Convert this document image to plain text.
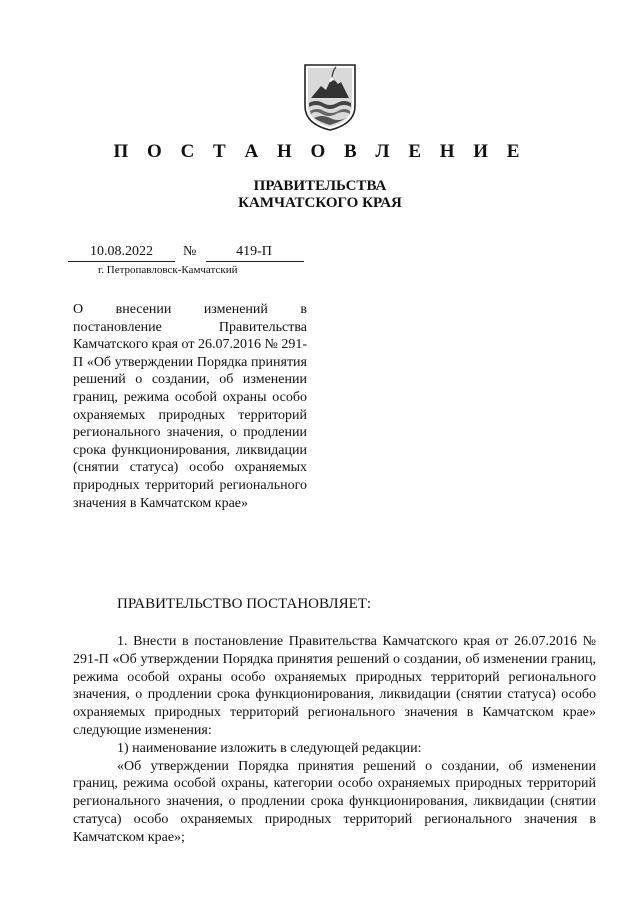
П О С Т А Н О В Л Е Н И Е
ПРАВИТЕЛЬСТВА
КАМЧАТСКОГО КРАЯ
10.08.2022	№	419-П
г. Петропавловск-Камчатский
О внесении изменений в постановление Правительства Камчатского края от 26.07.2016 № 291-П «Об утверждении Порядка принятия решений о создании, об изменении границ, режима особой охраны особо охраняемых природных территорий регионального значения, о продлении срока функционирования, ликвидации (снятии статуса) особо охраняемых природных территорий регионального значения в Камчатском крае»
ПРАВИТЕЛЬСТВО ПОСТАНОВЛЯЕТ:

1. Внести в постановление Правительства Камчатского края от 26.07.2016 № 291-П «Об утверждении Порядка принятия решений о создании, об изменении границ, режима особой охраны особо охраняемых природных территорий регионального значения, о продлении срока функционирования, ликвидации (снятии статуса) особо охраняемых природных территорий регионального значения в Камчатском крае» следующие изменения:

1) наименование изложить в следующей редакции:

«Об утверждении Порядка принятия решений о создании, об изменении границ, режима особой охраны, категории особо охраняемых природных территорий регионального значения, о продлении срока функционирования, ликвидации (снятии статуса) особо охраняемых природных территорий регионального значения в Камчатском крае»;
